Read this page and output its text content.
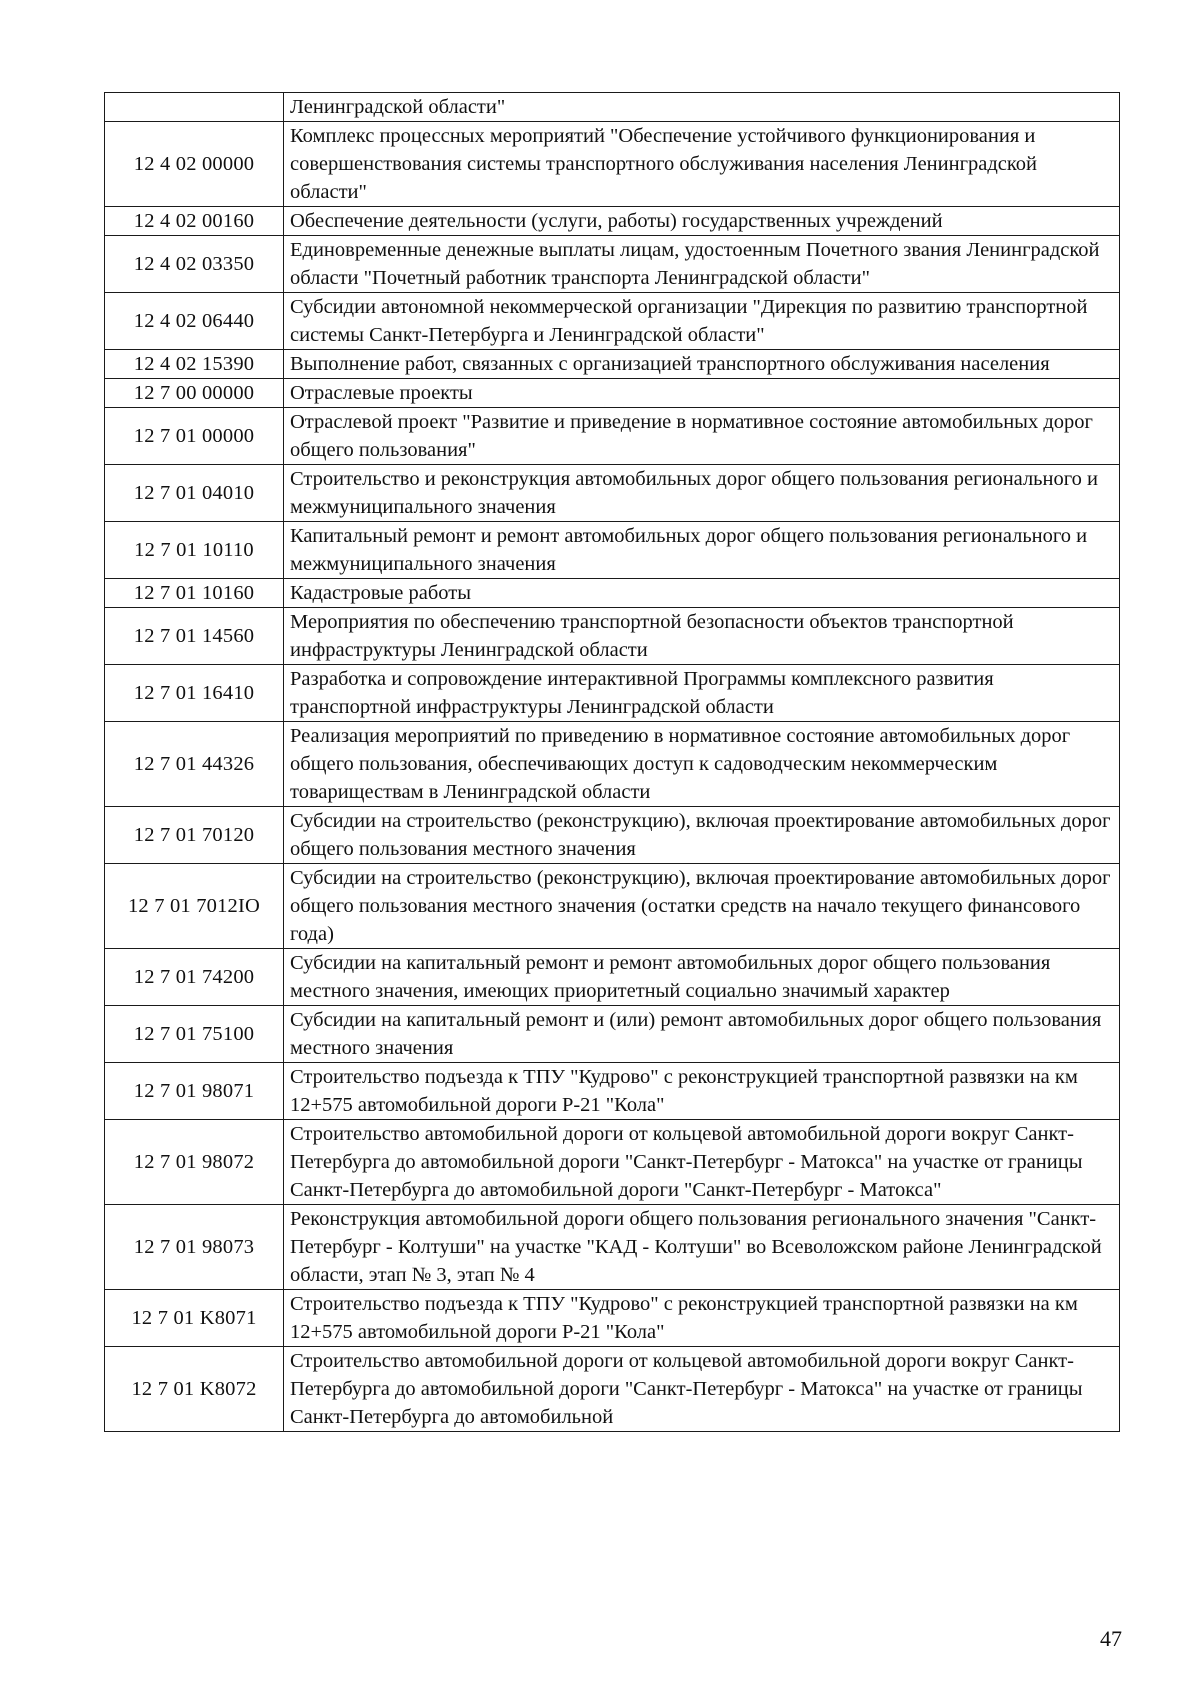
	Ленинградской области"
12 4 02 00000	Комплекс процессных мероприятий "Обеспечение устойчивого функционирования и совершенствования системы транспортного обслуживания населения Ленинградской области"
12 4 02 00160	Обеспечение деятельности (услуги, работы) государственных учреждений
12 4 02 03350	Единовременные денежные выплаты лицам, удостоенным Почетного звания Ленинградской области "Почетный работник транспорта Ленинградской области"
12 4 02 06440	Субсидии автономной некоммерческой организации "Дирекция по развитию транспортной системы Санкт-Петербурга и Ленинградской области"
12 4 02 15390	Выполнение работ, связанных с организацией транспортного обслуживания населения
12 7 00 00000	Отраслевые проекты
12 7 01 00000	Отраслевой проект "Развитие и приведение в нормативное состояние автомобильных дорог общего пользования"
12 7 01 04010	Строительство и реконструкция автомобильных дорог общего пользования регионального и межмуниципального значения
12 7 01 10110	Капитальный ремонт и ремонт автомобильных дорог общего пользования регионального и межмуниципального значения
12 7 01 10160	Кадастровые работы
12 7 01 14560	Мероприятия по обеспечению транспортной безопасности объектов транспортной инфраструктуры Ленинградской области
12 7 01 16410	Разработка и сопровождение интерактивной Программы комплексного развития транспортной инфраструктуры Ленинградской области
12 7 01 44326	Реализация мероприятий по приведению в нормативное состояние автомобильных дорог общего пользования, обеспечивающих доступ к садоводческим некоммерческим товариществам в Ленинградской области
12 7 01 70120	Субсидии на строительство (реконструкцию), включая проектирование автомобильных дорог общего пользования местного значения
12 7 01 7012IO	Субсидии на строительство (реконструкцию), включая проектирование автомобильных дорог общего пользования местного значения (остатки средств на начало текущего финансового года)
12 7 01 74200	Субсидии на капитальный ремонт и ремонт автомобильных дорог общего пользования местного значения, имеющих приоритетный социально значимый характер
12 7 01 75100	Субсидии на капитальный ремонт и (или) ремонт автомобильных дорог общего пользования местного значения
12 7 01 98071	Строительство подъезда к ТПУ "Кудрово" с реконструкцией транспортной развязки на км 12+575 автомобильной дороги Р-21 "Кола"
12 7 01 98072	Строительство автомобильной дороги от кольцевой автомобильной дороги вокруг Санкт-Петербурга до автомобильной дороги "Санкт-Петербург - Матокса" на участке от границы Санкт-Петербурга до автомобильной дороги "Санкт-Петербург - Матокса"
12 7 01 98073	Реконструкция автомобильной дороги общего пользования регионального значения "Санкт-Петербург - Колтуши" на участке "КАД - Колтуши" во Всеволожском районе Ленинградской области, этап № 3, этап № 4
12 7 01 K8071	Строительство подъезда к ТПУ "Кудрово" с реконструкцией транспортной развязки на км 12+575 автомобильной дороги Р-21 "Кола"
12 7 01 K8072	Строительство автомобильной дороги от кольцевой автомобильной дороги вокруг Санкт-Петербурга до автомобильной дороги "Санкт-Петербург - Матокса" на участке от границы Санкт-Петербурга до автомобильной
47
